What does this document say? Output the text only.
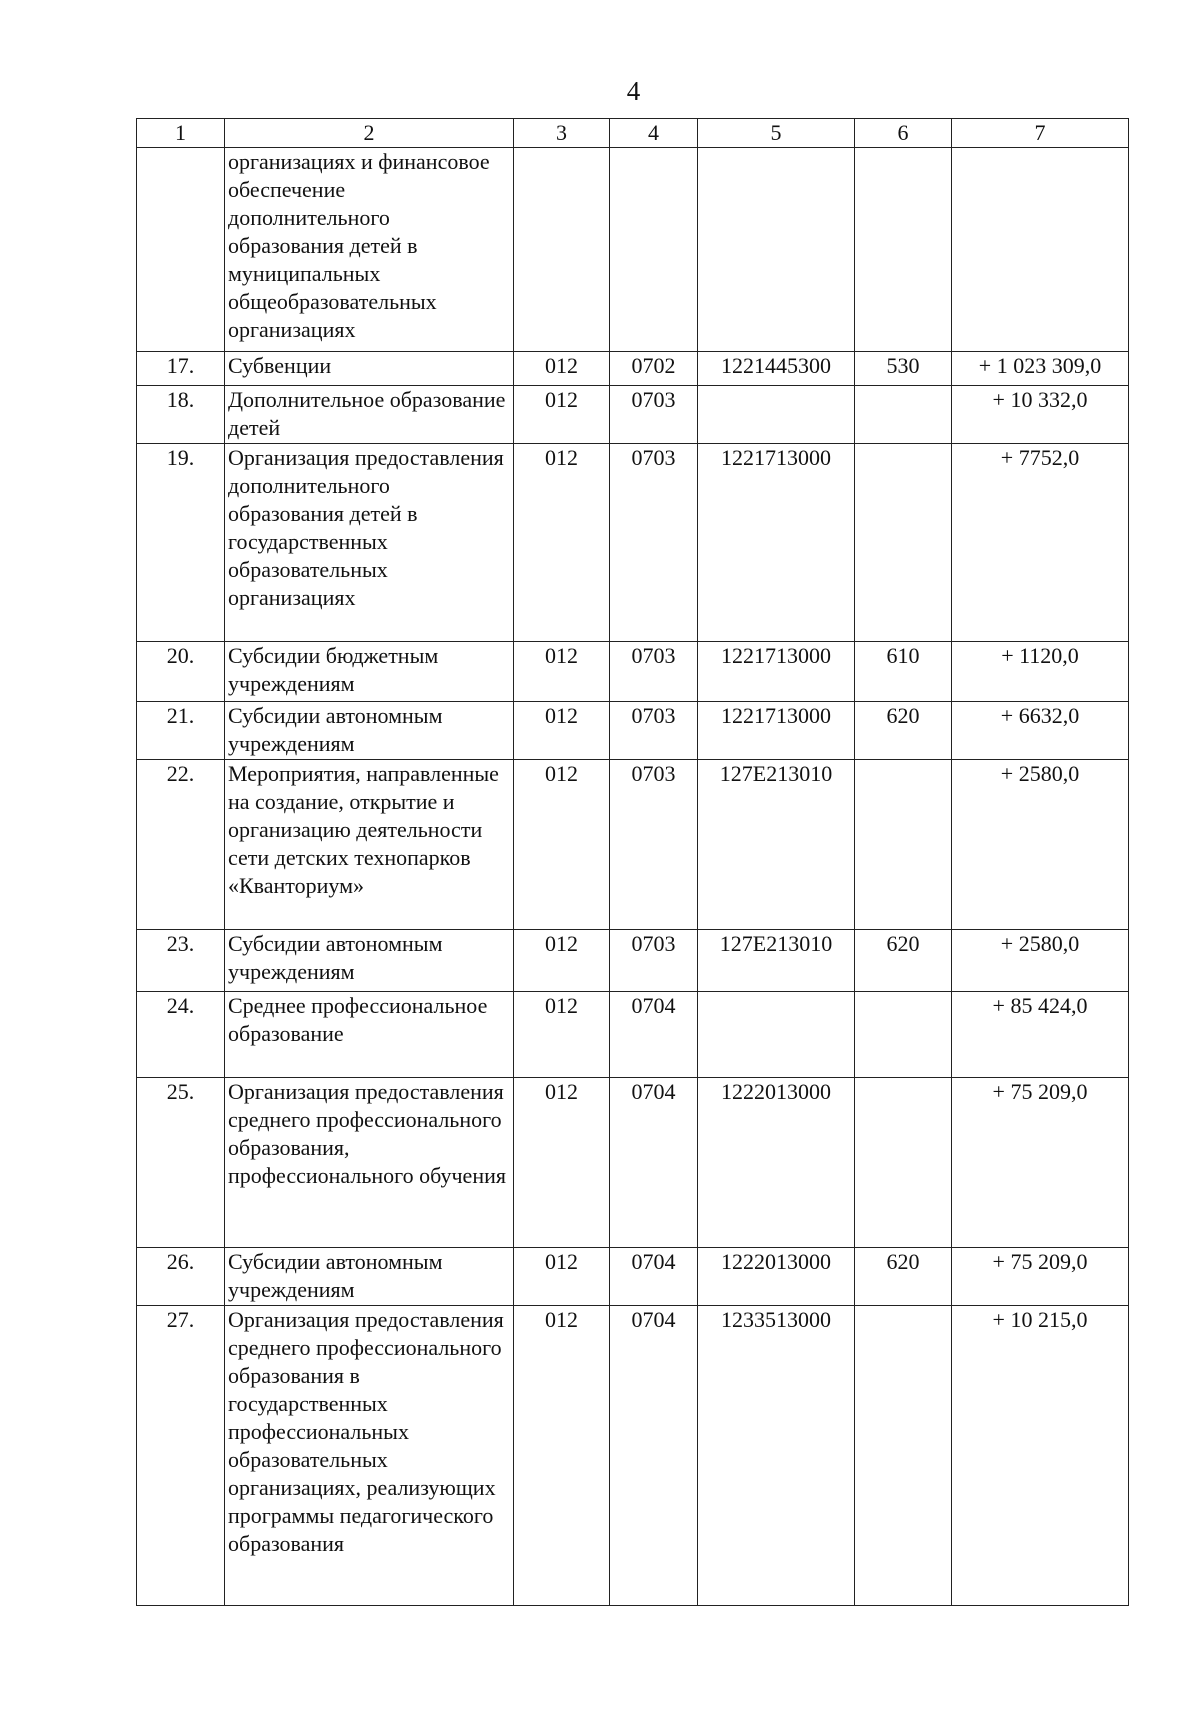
4
1	2	3	4	5	6	7
	организациях и финансовое обеспечение дополнительного образования детей в муниципальных общеобразовательных организациях					
17.	Субвенции	012	0702	1221445300	530	+ 1 023 309,0
18.	Дополнительное образование детей	012	0703			+ 10 332,0
19.	Организация предоставления дополнительного образования детей в государственных образовательных организациях	012	0703	1221713000		+ 7752,0
20.	Субсидии бюджетным учреждениям	012	0703	1221713000	610	+ 1120,0
21.	Субсидии автономным учреждениям	012	0703	1221713000	620	+ 6632,0
22.	Мероприятия, направленные на создание, открытие и организацию деятельности сети детских технопарков «Кванториум»	012	0703	127E213010		+ 2580,0
23.	Субсидии автономным учреждениям	012	0703	127E213010	620	+ 2580,0
24.	Среднее профессиональное образование	012	0704			+ 85 424,0
25.	Организация предоставления среднего профессионального образования, профессионального обучения	012	0704	1222013000		+ 75 209,0
26.	Субсидии автономным учреждениям	012	0704	1222013000	620	+ 75 209,0
27.	Организация предоставления среднего профессионального образования в государственных профессиональных образовательных организациях, реализующих программы педагогического образования	012	0704	1233513000		+ 10 215,0
